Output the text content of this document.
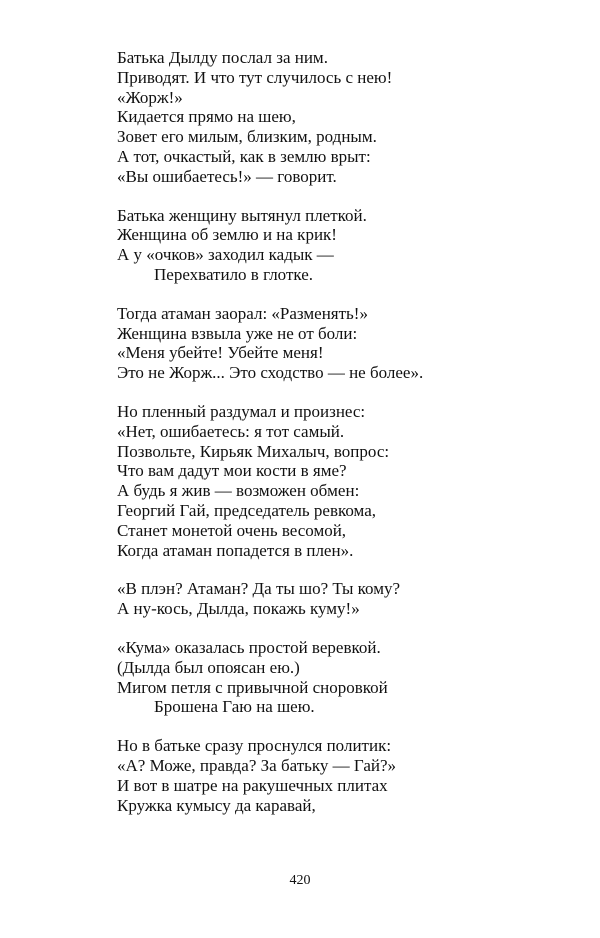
Батька Дылду послал за ним.
Приводят. И что тут случилось с нею!
«Жорж!»
Кидается прямо на шею,
Зовет его милым, близким, родным.
А тот, очкастый, как в землю врыт:
«Вы ошибаетесь!» — говорит.
Батька женщину вытянул плеткой.
Женщина об землю и на крик!
А у «очков» заходил кадык —
Перехватило в глотке.
Тогда атаман заорал: «Разменять!»
Женщина взвыла уже не от боли:
«Меня убейте! Убейте меня!
Это не Жорж... Это сходство — не более».
Но пленный раздумал и произнес:
«Нет, ошибаетесь: я тот самый.
Позвольте, Кирьяк Михалыч, вопрос:
Что вам дадут мои кости в яме?
А будь я жив — возможен обмен:
Георгий Гай, председатель ревкома,
Станет монетой очень весомой,
Когда атаман попадется в плен».
«В плэн? Атаман? Да ты шо? Ты кому?
А ну-кось, Дылда, покажь куму!»
«Кума» оказалась простой веревкой.
(Дылда был опоясан ею.)
Мигом петля с привычной сноровкой
Брошена Гаю на шею.
Но в батьке сразу проснулся политик:
«А? Може, правда? За батьку — Гай?»
И вот в шатре на ракушечных плитах
Кружка кумысу да каравай,
420
